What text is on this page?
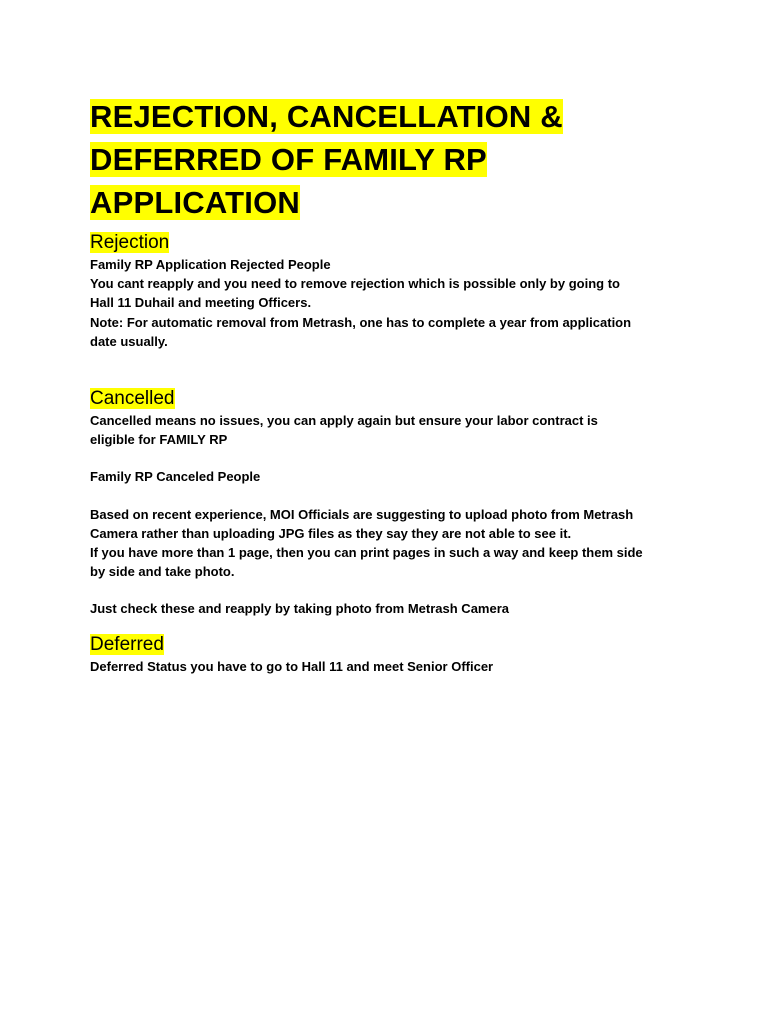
REJECTION, CANCELLATION &
DEFERRED OF FAMILY RP
APPLICATION
Rejection

Family RP Application Rejected People

You cant reapply and you need to remove rejection which is possible only by going to

Hall 11 Duhail and meeting Officers.

Note: For automatic removal from Metrash, one has to complete a year from application

date usually.

Cancelled

Cancelled means no issues, you can apply again but ensure your labor contract is

eligible for FAMILY RP

Family RP Canceled People

Based on recent experience, MOI Officials are suggesting to upload photo from Metrash

Camera rather than uploading JPG files as they say they are not able to see it.

If you have more than 1 page, then you can print pages in such a way and keep them side

by side and take photo.

Just check these and reapply by taking photo from Metrash Camera

Deferred

Deferred Status you have to go to Hall 11 and meet Senior Officer
